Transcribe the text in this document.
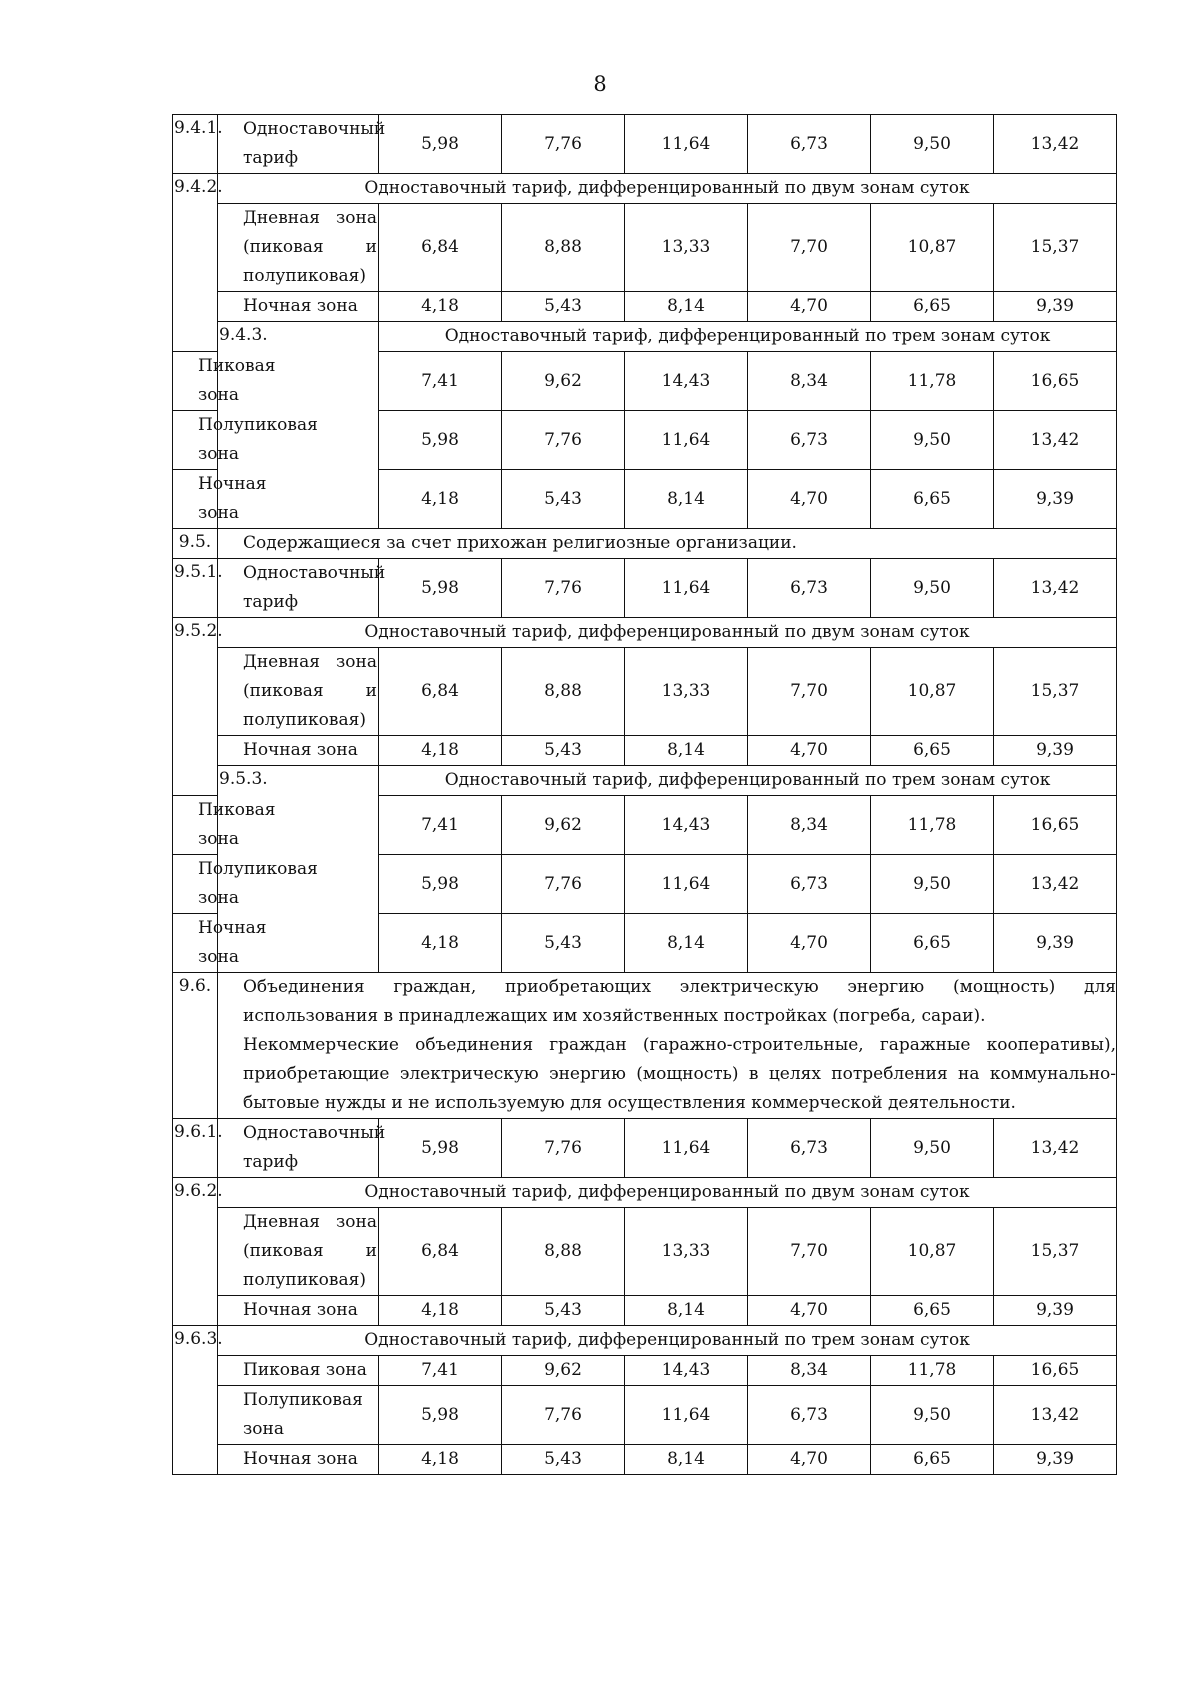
8
9.4.1.	Одноставочный тариф	5,98	7,76	11,64	6,73	9,50	13,42
9.4.2.	Одноставочный тариф, дифференцированный по двум зонам суток						
	Дневная зона (пиковая и полупиковая)	6,84	8,88	13,33	7,70	10,87	15,37
	Ночная зона	4,18	5,43	8,14	4,70	6,65	9,39
	9.4.3.	Одноставочный тариф, дифференцированный по трем зонам суток					
Пиковая зона		7,41	9,62	14,43	8,34	11,78	16,65
Полупиковая зона		5,98	7,76	11,64	6,73	9,50	13,42
Ночная зона		4,18	5,43	8,14	4,70	6,65	9,39
9.5.	Содержащиеся за счет прихожан религиозные организации.						
9.5.1.	Одноставочный тариф	5,98	7,76	11,64	6,73	9,50	13,42
9.5.2.	Одноставочный тариф, дифференцированный по двум зонам суток						
	Дневная зона (пиковая и полупиковая)	6,84	8,88	13,33	7,70	10,87	15,37
	Ночная зона	4,18	5,43	8,14	4,70	6,65	9,39
	9.5.3.	Одноставочный тариф, дифференцированный по трем зонам суток					
Пиковая зона		7,41	9,62	14,43	8,34	11,78	16,65
Полупиковая зона		5,98	7,76	11,64	6,73	9,50	13,42
Ночная зона		4,18	5,43	8,14	4,70	6,65	9,39
9.6.	Объединения граждан, приобретающих электрическую энергию (мощность) для использования в принадлежащих им хозяйственных постройках (погреба, сараи).
Некоммерческие объединения граждан (гаражно-строительные, гаражные кооперативы), приобретающие электрическую энергию (мощность) в целях потребления на коммунально-бытовые нужды и не используемую для осуществления коммерческой деятельности.						

9.6.1.	Одноставочный тариф	5,98	7,76	11,64	6,73	9,50	13,42
9.6.2.	Одноставочный тариф, дифференцированный по двум зонам суток						
	Дневная зона (пиковая и полупиковая)	6,84	8,88	13,33	7,70	10,87	15,37
	Ночная зона	4,18	5,43	8,14	4,70	6,65	9,39
9.6.3.	Одноставочный тариф, дифференцированный по трем зонам суток						
	Пиковая зона	7,41	9,62	14,43	8,34	11,78	16,65
	Полупиковая зона	5,98	7,76	11,64	6,73	9,50	13,42
	Ночная зона	4,18	5,43	8,14	4,70	6,65	9,39
